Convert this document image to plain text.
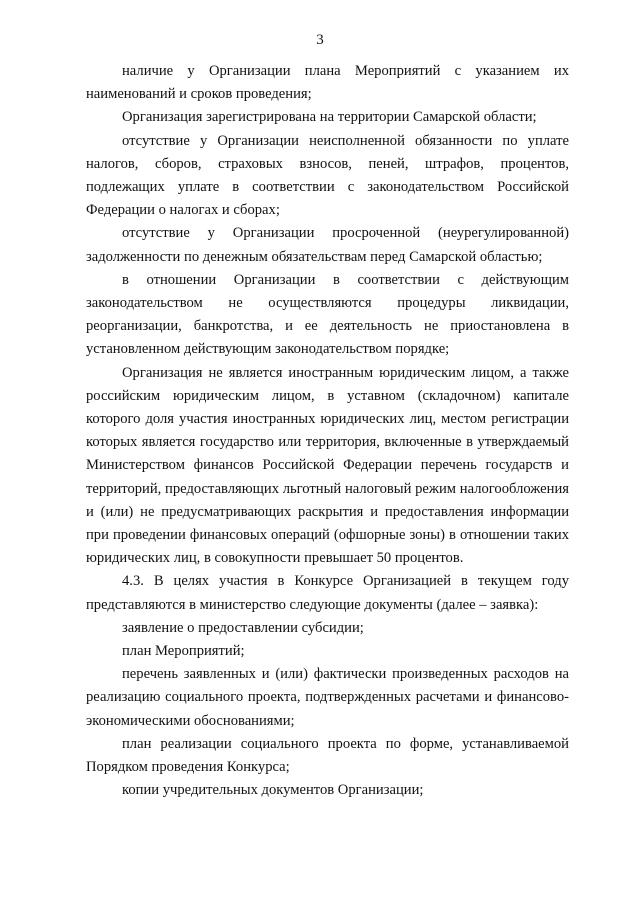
3

наличие у Организации плана Мероприятий с указанием их наименований и сроков проведения;

Организация зарегистрирована на территории Самарской области;

отсутствие у Организации неисполненной обязанности по уплате налогов, сборов, страховых взносов, пеней, штрафов, процентов, подлежащих уплате в соответствии с законодательством Российской Федерации о налогах и сборах;

отсутствие у Организации просроченной (неурегулированной) задолженности по денежным обязательствам перед Самарской областью;

в отношении Организации в соответствии с действующим законодательством не осуществляются процедуры ликвидации, реорганизации, банкротства, и ее деятельность не приостановлена в установленном действующим законодательством порядке;

Организация не является иностранным юридическим лицом, а также российским юридическим лицом, в уставном (складочном) капитале которого доля участия иностранных юридических лиц, местом регистрации которых является государство или территория, включенные в утверждаемый Министерством финансов Российской Федерации перечень государств и территорий, предоставляющих льготный налоговый режим налогообложения и (или) не предусматривающих раскрытия и предоставления информации при проведении финансовых операций (офшорные зоны) в отношении таких юридических лиц, в совокупности превышает 50 процентов.

4.3. В целях участия в Конкурсе Организацией в текущем году представляются в министерство следующие документы (далее – заявка):

заявление о предоставлении субсидии;

план Мероприятий;

перечень заявленных и (или) фактически произведенных расходов на реализацию социального проекта, подтвержденных расчетами и финансово-экономическими обоснованиями;

план реализации социального проекта по форме, устанавливаемой Порядком проведения Конкурса;

копии учредительных документов Организации;
